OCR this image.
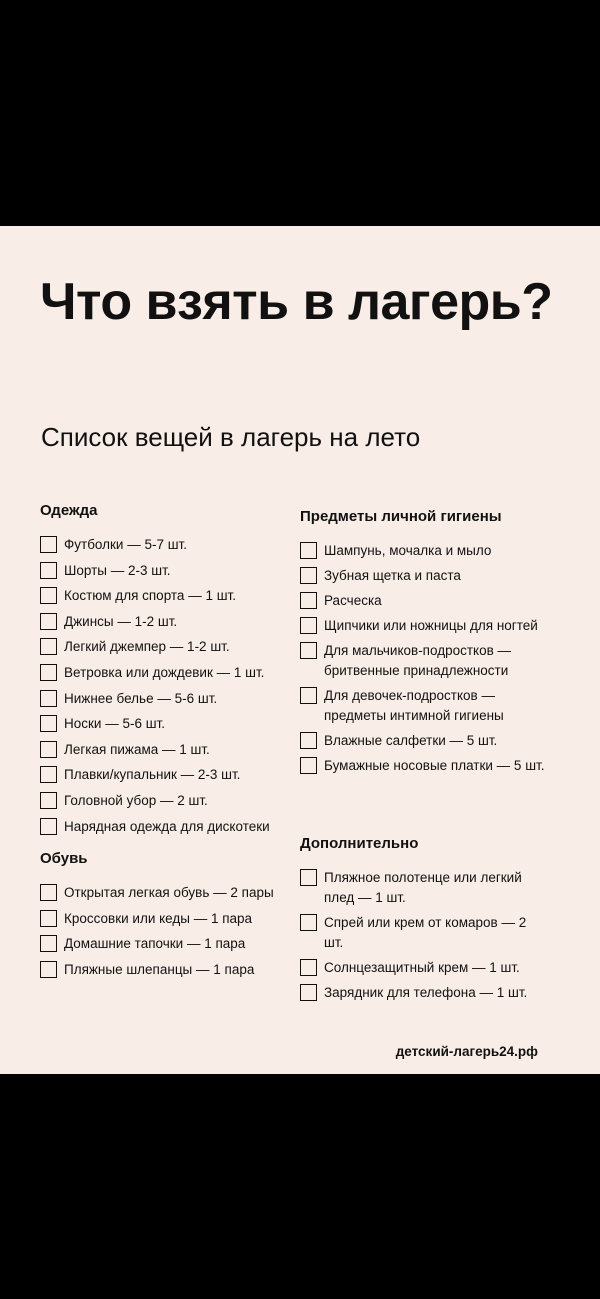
Что взять в лагерь?
Список вещей в лагерь на лето
Одежда
Футболки — 5-7 шт.
Шорты — 2-3 шт.
Костюм для спорта — 1 шт.
Джинсы — 1-2 шт.
Легкий джемпер — 1-2 шт.
Ветровка или дождевик — 1 шт.
Нижнее белье — 5-6 шт.
Носки — 5-6 шт.
Легкая пижама — 1 шт.
Плавки/купальник — 2-3 шт.
Головной убор — 2 шт.
Нарядная одежда для дискотеки
Обувь
Открытая легкая обувь — 2 пары
Кроссовки или кеды — 1 пара
Домашние тапочки — 1 пара
Пляжные шлепанцы — 1 пара
Предметы личной гигиены
Шампунь, мочалка и мыло
Зубная щетка и паста
Расческа
Щипчики или ножницы для ногтей
Для мальчиков-подростков — бритвенные принадлежности
Для девочек-подростков — предметы интимной гигиены
Влажные салфетки — 5 шт.
Бумажные носовые платки — 5 шт.
Дополнительно
Пляжное полотенце или легкий плед — 1 шт.
Спрей или крем от комаров — 2 шт.
Солнцезащитный крем — 1 шт.
Зарядник для телефона — 1 шт.
детский-лагерь24.рф
